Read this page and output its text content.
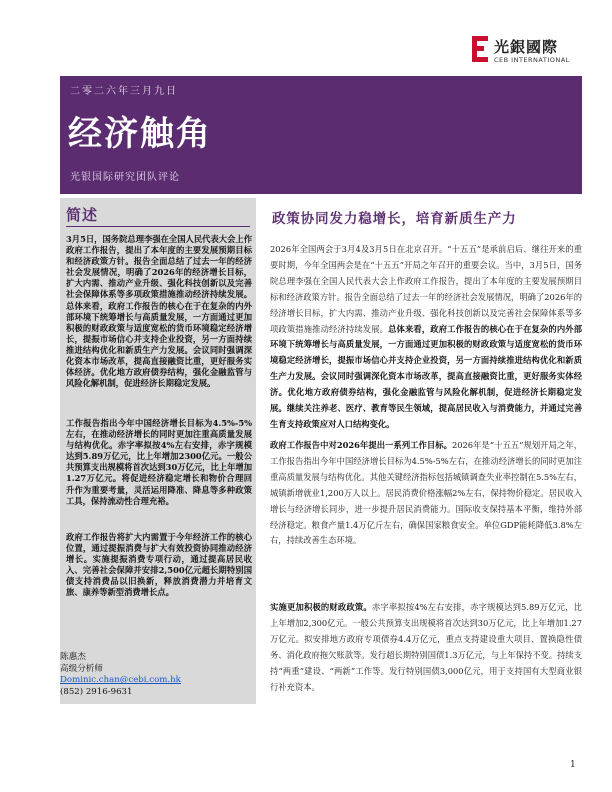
光銀國際
CEB INTERNATIONAL
二零二六年三月九日
经济触角
光银国际研究团队评论
简述
3月5日，国务院总理李强在全国人民代表大会上作政府工作报告，提出了本年度的主要发展预期目标和经济政策方针。报告全面总结了过去一年的经济社会发展情况，明确了2026年的经济增长目标，扩大内需、推动产业升级、强化科技创新以及完善社会保障体系等多项政策措施推动经济持续发展。总体来看，政府工作报告的核心在于在复杂的内外部环境下统筹增长与高质量发展，一方面通过更加积极的财政政策与适度宽松的货币环境稳定经济增长，提振市场信心并支持企业投资，另一方面持续推进结构优化和新质生产力发展。会议同时强调深化资本市场改革，提高直接融资比重，更好服务实体经济。优化地方政府债券结构，强化金融监管与风险化解机制，促进经济长期稳定发展。
工作报告指出今年中国经济增长目标为4.5%-5%左右，在推动经济增长的同时更加注重高质量发展与结构优化。赤字率拟按4%左右安排，赤字规模达到5.89万亿元，比上年增加2300亿元。一般公共预算支出规模将首次达到30万亿元，比上年增加1.27万亿元。将促进经济稳定增长和物价合理回升作为重要考量，灵活运用降准、降息等多种政策工具，保持流动性合理充裕。
政府工作报告将扩大内需置于今年经济工作的核心位置，通过提振消费与扩大有效投资协同推动经济增长。实施提振消费专项行动，通过提高居民收入、完善社会保障并安排2,500亿元超长期特别国债支持消费品以旧换新，释放消费潜力并培育文旅、康养等新型消费增长点。
陈惠杰
高级分析师
Dominic.chan@cebi.com.hk
(852) 2916-9631
政策协同发力稳增长，培育新质生产力
2026年全国两会于3月4及3月5日在北京召开。“十五五”是承前启后、继往开来的重要时期，今年全国两会是在“十五五”开局之年召开的重要会议。当中，3月5日，国务院总理李强在全国人民代表大会上作政府工作报告，提出了本年度的主要发展预期目标和经济政策方针。报告全面总结了过去一年的经济社会发展情况，明确了2026年的经济增长目标，扩大内需、推动产业升级、强化科技创新以及完善社会保障体系等多项政策措施推动经济持续发展。总体来看，政府工作报告的核心在于在复杂的内外部环境下统筹增长与高质量发展，一方面通过更加积极的财政政策与适度宽松的货币环境稳定经济增长，提振市场信心并支持企业投资，另一方面持续推进结构优化和新质生产力发展。会议同时强调深化资本市场改革，提高直接融资比重，更好服务实体经济。优化地方政府债券结构，强化金融监管与风险化解机制，促进经济长期稳定发展。继续关注养老、医疗、教育等民生领域，提高居民收入与消费能力，并通过完善生育支持政策应对人口结构变化。
政府工作报告中对2026年提出一系列工作目标。2026年是“十五五”规划开局之年，工作报告指出今年中国经济增长目标为4.5%-5%左右，在推动经济增长的同时更加注重高质量发展与结构优化。其他关键经济指标包括城镇调查失业率控制在5.5%左右，城镇新增就业1,200万人以上。居民消费价格涨幅2%左右，保持物价稳定。居民收入增长与经济增长同步，进一步提升居民消费能力。国际收支保持基本平衡，维持外部经济稳定。粮食产量1.4万亿斤左右，确保国家粮食安全。单位GDP能耗降低3.8%左右，持续改善生态环境。
实施更加积极的财政政策。赤字率拟按4%左右安排，赤字规模达到5.89万亿元，比上年增加2,300亿元。一般公共预算支出规模将首次达到30万亿元，比上年增加1.27万亿元。拟安排地方政府专项债券4.4万亿元，重点支持建设重大项目、置换隐性债务、消化政府拖欠账款等。发行超长期特别国债1.3万亿元，与上年保持不变。持续支持“两重”建设、“两新”工作等。发行特别国债3,000亿元，用于支持国有大型商业银行补充资本。
1
